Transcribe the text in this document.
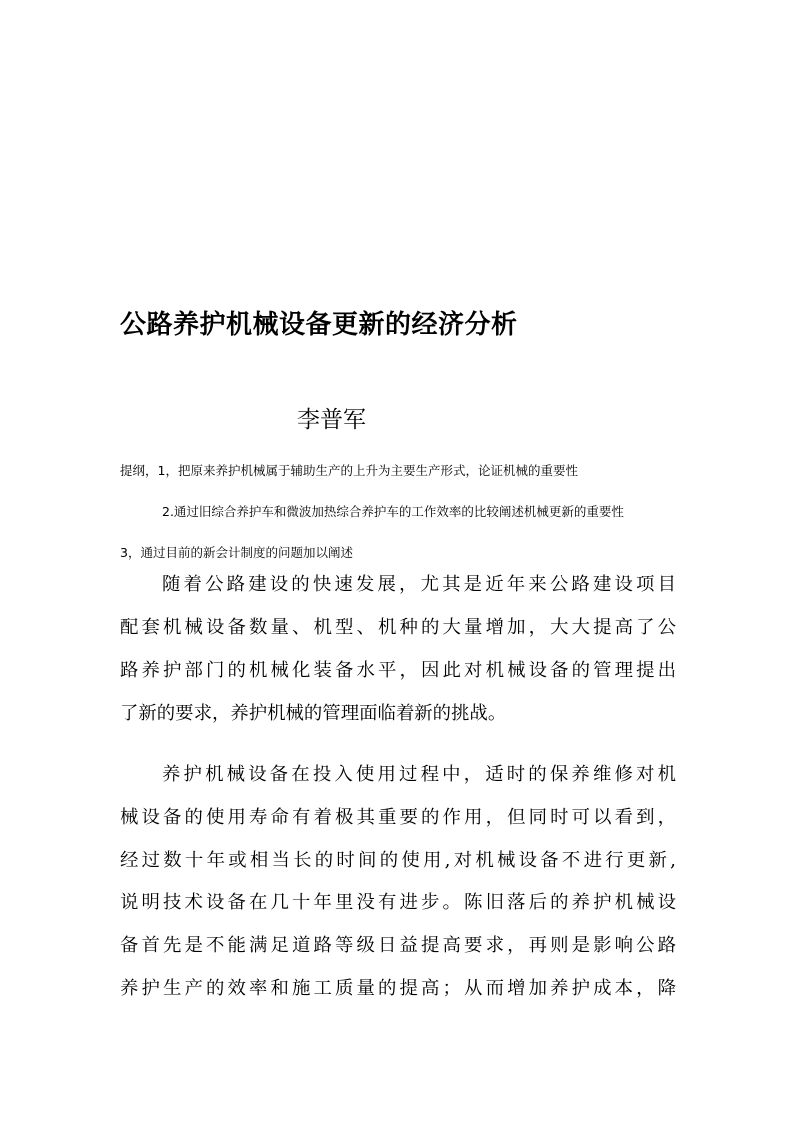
公路养护机械设备更新的经济分析
李普军
提纲，1，把原来养护机械属于辅助生产的上升为主要生产形式，论证机械的重要性
2.通过旧综合养护车和微波加热综合养护车的工作效率的比较阐述机械更新的重要性
3，通过目前的新会计制度的问题加以阐述
随着公路建设的快速发展，尤其是近年来公路建设项目
配套机械设备数量、机型、机种的大量增加，大大提高了公
路养护部门的机械化装备水平，因此对机械设备的管理提出
了新的要求，养护机械的管理面临着新的挑战。
养护机械设备在投入使用过程中，适时的保养维修对机
械设备的使用寿命有着极其重要的作用，但同时可以看到，
经过数十年或相当长的时间的使用,对机械设备不进行更新,
说明技术设备在几十年里没有进步。陈旧落后的养护机械设
备首先是不能满足道路等级日益提高要求，再则是影响公路
养护生产的效率和施工质量的提高；从而增加养护成本，降
